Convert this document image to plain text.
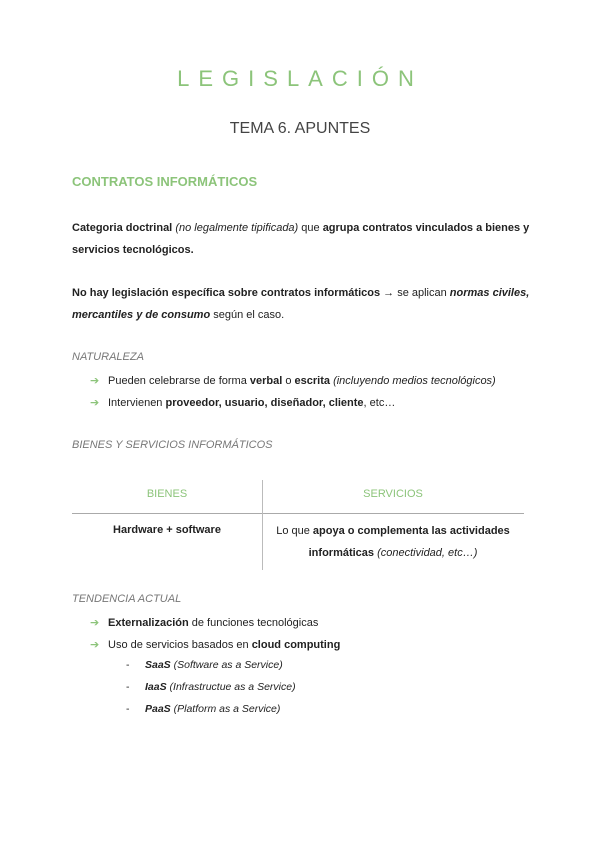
LEGISLACIÓN
TEMA 6. APUNTES
CONTRATOS INFORMÁTICOS
Categoria doctrinal (no legalmente tipificada) que agrupa contratos vinculados a bienes y servicios tecnológicos.
No hay legislación específica sobre contratos informáticos → se aplican normas civiles, mercantiles y de consumo según el caso.
NATURALEZA
➔ Pueden celebrarse de forma verbal o escrita (incluyendo medios tecnológicos)
➔ Intervienen proveedor, usuario, diseñador, cliente, etc…
BIENES Y SERVICIOS INFORMÁTICOS
BIENES	SERVICIOS
Hardware + software	Lo que apoya o complementa las actividades informáticas (conectividad, etc…)
TENDENCIA ACTUAL
➔ Externalización de funciones tecnológicas
➔ Uso de servicios basados en cloud computing
- SaaS (Software as a Service)
- IaaS (Infrastructue as a Service)
- PaaS (Platform as a Service)
